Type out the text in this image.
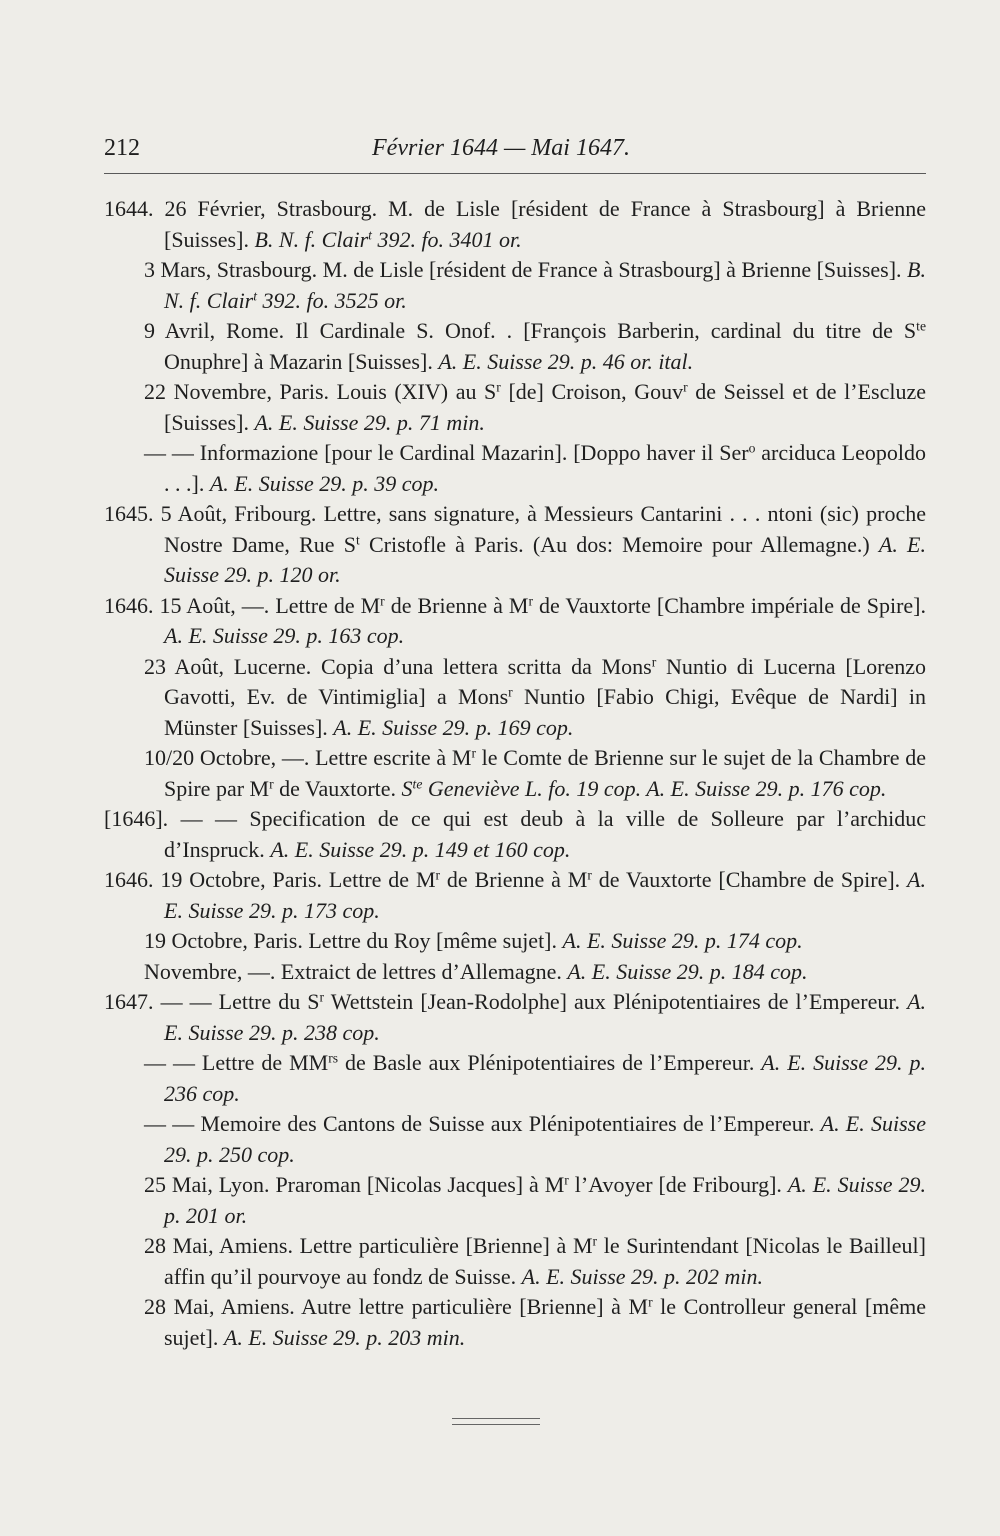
212	Février 1644 — Mai 1647.

1644. 26 Février, Strasbourg. M. de Lisle [résident de France à Strasbourg] à Brienne [Suisses]. B. N. f. Clair$^t$ 392. fo. 3401 or.

3 Mars, Strasbourg. M. de Lisle [résident de France à Strasbourg] à Brienne [Suisses]. B. N. f. Clair$^t$ 392. fo. 3525 or.

9 Avril, Rome. Il Cardinale S. Onof. . [François Barberin, cardinal du titre de $S^{te}$ Onuphre] à Mazarin [Suisses]. A. E. Suisse 29. p. 46 or. ital.

22 Novembre, Paris. Louis (XIV) au $S^r$ [de] Croison, Gouv$^r$ de Seissel et de l’Escluze [Suisses]. A. E. Suisse 29. p. 71 min.

— — Informazione [pour le Cardinal Mazarin]. [Doppo haver il Ser$^o$ arciduca Leopoldo . . .]. A. E. Suisse 29. p. 39 cop.

1645. 5 Août, Fribourg. Lettre, sans signature, à Messieurs Cantarini . . . ntoni (sic) proche Nostre Dame, Rue $S^t$ Cristofle à Paris. (Au dos: Memoire pour Allemagne.) A. E. Suisse 29. p. 120 or.

1646. 15 Août, —. Lettre de $M^r$ de Brienne à $M^r$ de Vauxtorte [Chambre impériale de Spire]. A. E. Suisse 29. p. 163 cop.

23 Août, Lucerne. Copia d’una lettera scritta da Mons$^r$ Nuntio di Lucerna [Lorenzo Gavotti, Ev. de Vintimiglia] a Mons$^r$ Nuntio [Fabio Chigi, Evêque de Nardi] in Münster [Suisses]. A. E. Suisse 29. p. 169 cop.

10/20 Octobre, —. Lettre escrite à $M^r$ le Comte de Brienne sur le sujet de la Chambre de Spire par $M^r$ de Vauxtorte. S$^{te}$ Geneviève L. fo. 19 cop. A. E. Suisse 29. p. 176 cop.

[1646]. — — Specification de ce qui est deub à la ville de Solleure par l’archiduc d’Inspruck. A. E. Suisse 29. p. 149 et 160 cop.

1646. 19 Octobre, Paris. Lettre de $M^r$ de Brienne à $M^r$ de Vauxtorte [Chambre de Spire]. A. E. Suisse 29. p. 173 cop.

19 Octobre, Paris. Lettre du Roy [même sujet]. A. E. Suisse 29. p. 174 cop.

Novembre, —. Extraict de lettres d’Allemagne. A. E. Suisse 29. p. 184 cop.

1647. — — Lettre du $S^r$ Wettstein [Jean-Rodolphe] aux Plénipotentiaires de l’Empereur. A. E. Suisse 29. p. 238 cop.

— — Lettre de $MM^{rs}$ de Basle aux Plénipotentiaires de l’Empereur. A. E. Suisse 29. p. 236 cop.

— — Memoire des Cantons de Suisse aux Plénipotentiaires de l’Empereur. A. E. Suisse 29. p. 250 cop.

25 Mai, Lyon. Praroman [Nicolas Jacques] à $M^r$ l’Avoyer [de Fribourg]. A. E. Suisse 29. p. 201 or.

28 Mai, Amiens. Lettre particulière [Brienne] à $M^r$ le Surintendant [Nicolas le Bailleul] affin qu’il pourvoye au fondz de Suisse. A. E. Suisse 29. p. 202 min.

28 Mai, Amiens. Autre lettre particulière [Brienne] à $M^r$ le Controlleur general [même sujet]. A. E. Suisse 29. p. 203 min.
